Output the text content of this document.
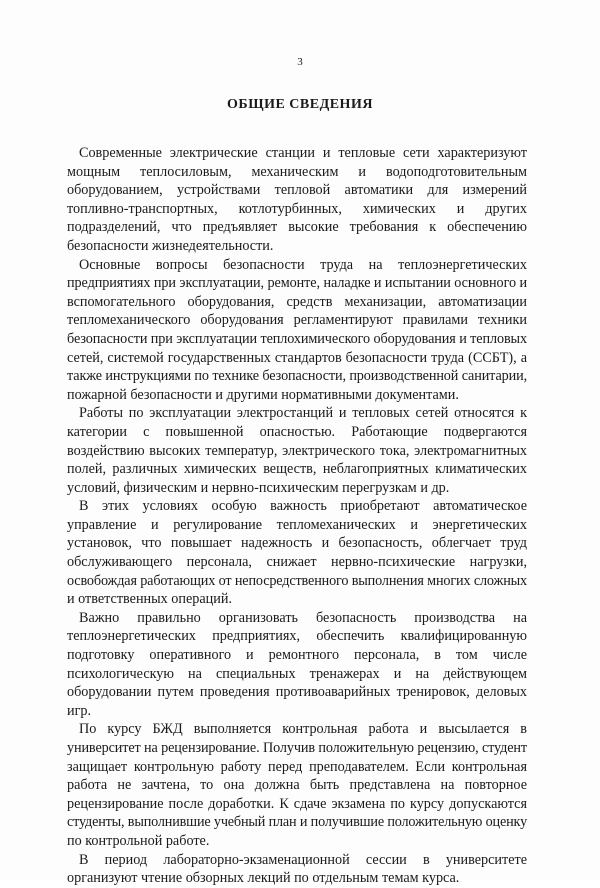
3
ОБЩИЕ СВЕДЕНИЯ

Современные электрические станции и тепловые сети характеризуют
мощным теплосиловым, механическим и водоподготовительным
оборудованием, устройствами тепловой автоматики для измерений
топливно-транспортных, котлотурбинных, химических и других
подразделений, что предъявляет высокие требования к обеспечению
безопасности жизнедеятельности.

Основные вопросы безопасности труда на теплоэнергетических
предприятиях при эксплуатации, ремонте, наладке и испытании основного и
вспомогательного оборудования, средств механизации, автоматизации
тепломеханического оборудования регламентируют правилами техники
безопасности при эксплуатации теплохимического оборудования и тепловых
сетей, системой государственных стандартов безопасности труда (ССБТ), а
также инструкциями по технике безопасности, производственной санитарии,
пожарной безопасности и другими нормативными документами.

Работы по эксплуатации электростанций и тепловых сетей относятся к
категории с повышенной опасностью. Работающие подвергаются
воздействию высоких температур, электрического тока, электромагнитных
полей, различных химических веществ, неблагоприятных климатических
условий, физическим и нервно-психическим перегрузкам и др.

В этих условиях особую важность приобретают автоматическое
управление и регулирование тепломеханических и энергетических
установок, что повышает надежность и безопасность, облегчает труд
обслуживающего персонала, снижает нервно-психические нагрузки,
освобождая работающих от непосредственного выполнения многих сложных
и ответственных операций.

Важно правильно организовать безопасность производства на
теплоэнергетических предприятиях, обеспечить квалифицированную
подготовку оперативного и ремонтного персонала, в том числе
психологическую на специальных тренажерах и на действующем
оборудовании путем проведения противоаварийных тренировок, деловых
игр.

По курсу БЖД выполняется контрольная работа и высылается в
университет на рецензирование. Получив положительную рецензию, студент
защищает контрольную работу перед преподавателем. Если контрольная
работа не зачтена, то она должна быть представлена на повторное
рецензирование после доработки. К сдаче экзамена по курсу допускаются
студенты, выполнившие учебный план и получившие положительную оценку
по контрольной работе.

В период лабораторно-экзаменационной сессии в университете
организуют чтение обзорных лекций по отдельным темам курса.
